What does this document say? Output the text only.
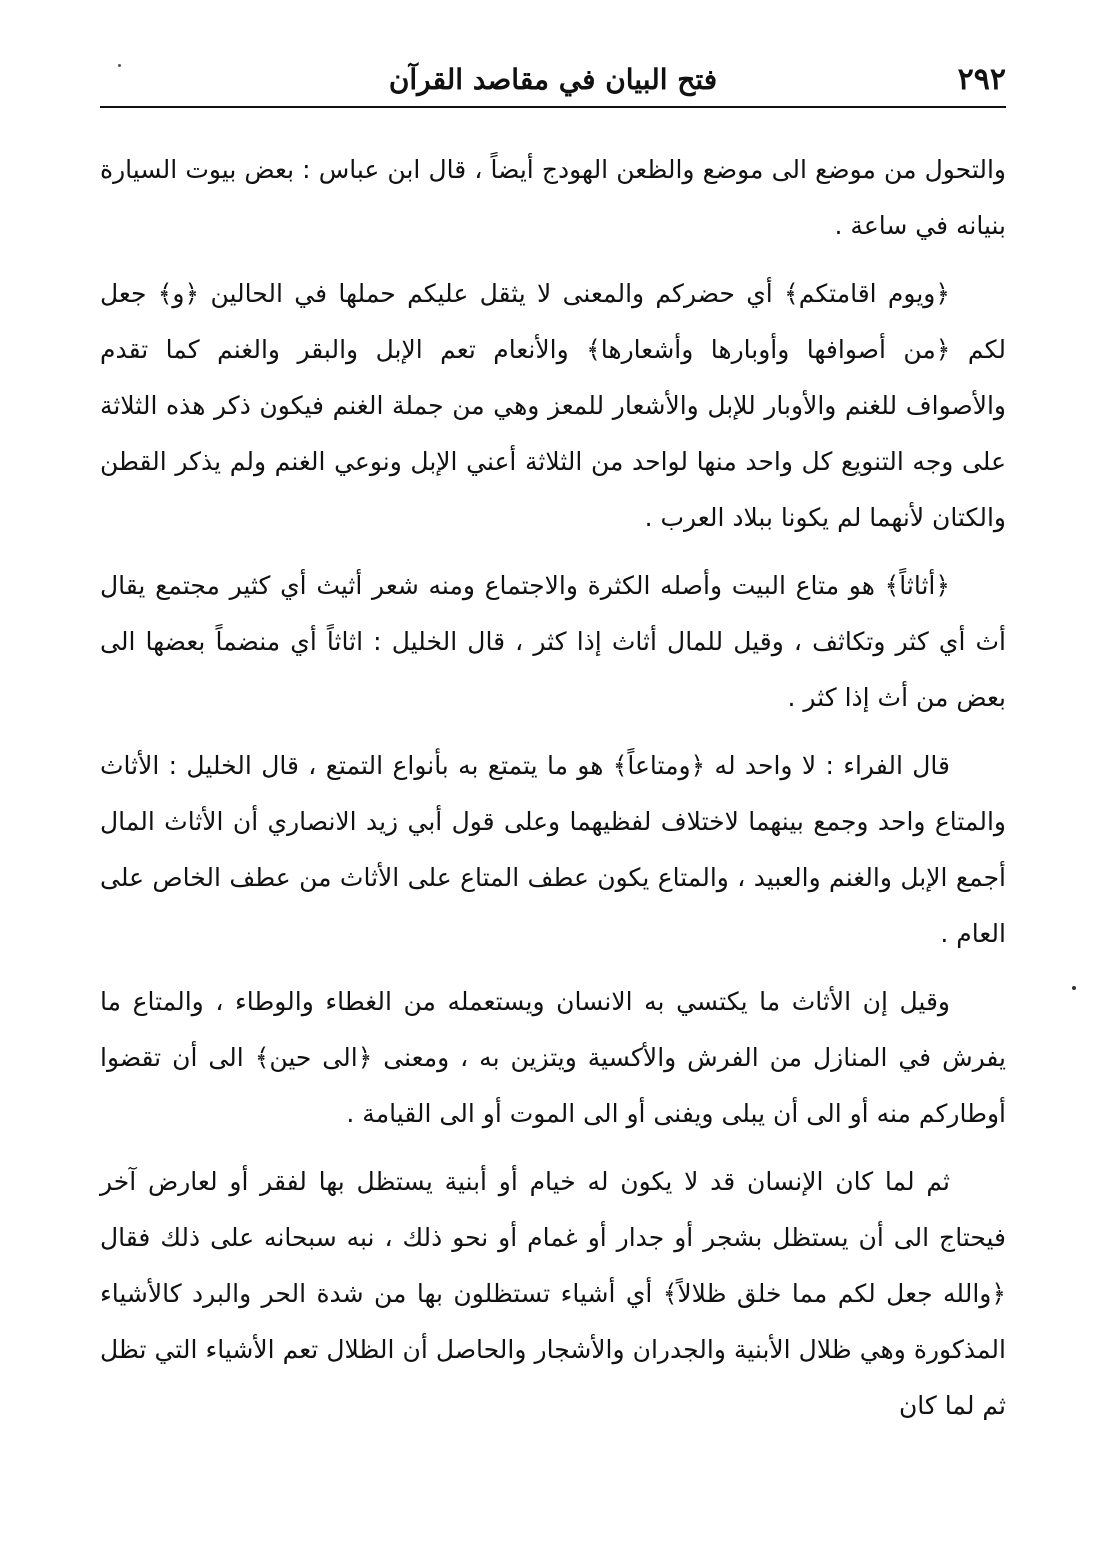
٢٩٢
فتح البيان في مقاصد القرآن

والتحول من موضع الى موضع والظعن الهودج أيضاً ، قال ابن عباس : بعض بيوت السيارة بنيانه في ساعة .

﴿ويوم اقامتكم﴾ أي حضركم والمعنى لا يثقل عليكم حملها في الحالين ﴿و﴾ جعل لكم ﴿من أصوافها وأوبارها وأشعارها﴾ والأنعام تعم الإبل والبقر والغنم كما تقدم والأصواف للغنم والأوبار للإبل والأشعار للمعز وهي من جملة الغنم فيكون ذكر هذه الثلاثة على وجه التنويع كل واحد منها لواحد من الثلاثة أعني الإبل ونوعي الغنم ولم يذكر القطن والكتان لأنهما لم يكونا ببلاد العرب .

﴿أثاثاً﴾ هو متاع البيت وأصله الكثرة والاجتماع ومنه شعر أثيث أي كثير مجتمع يقال أث أي كثر وتكاثف ، وقيل للمال أثاث إذا كثر ، قال الخليل : اثاثاً أي منضماً بعضها الى بعض من أث إذا كثر .

قال الفراء : لا واحد له ﴿ومتاعاً﴾ هو ما يتمتع به بأنواع التمتع ، قال الخليل : الأثاث والمتاع واحد وجمع بينهما لاختلاف لفظيهما وعلى قول أبي زيد الانصاري أن الأثاث المال أجمع الإبل والغنم والعبيد ، والمتاع يكون عطف المتاع على الأثاث من عطف الخاص على العام .

وقيل إن الأثاث ما يكتسي به الانسان ويستعمله من الغطاء والوطاء ، والمتاع ما يفرش في المنازل من الفرش والأكسية ويتزين به ، ومعنى ﴿الى حين﴾ الى أن تقضوا أوطاركم منه أو الى أن يبلى ويفنى أو الى الموت أو الى القيامة .

ثم لما كان الإنسان قد لا يكون له خيام أو أبنية يستظل بها لفقر أو لعارض آخر فيحتاج الى أن يستظل بشجر أو جدار أو غمام أو نحو ذلك ، نبه سبحانه على ذلك فقال ﴿والله جعل لكم مما خلق ظلالاً﴾ أي أشياء تستظلون بها من شدة الحر والبرد كالأشياء المذكورة وهي ظلال الأبنية والجدران والأشجار والحاصل أن الظلال تعم الأشياء التي تظل ثم لما كان
